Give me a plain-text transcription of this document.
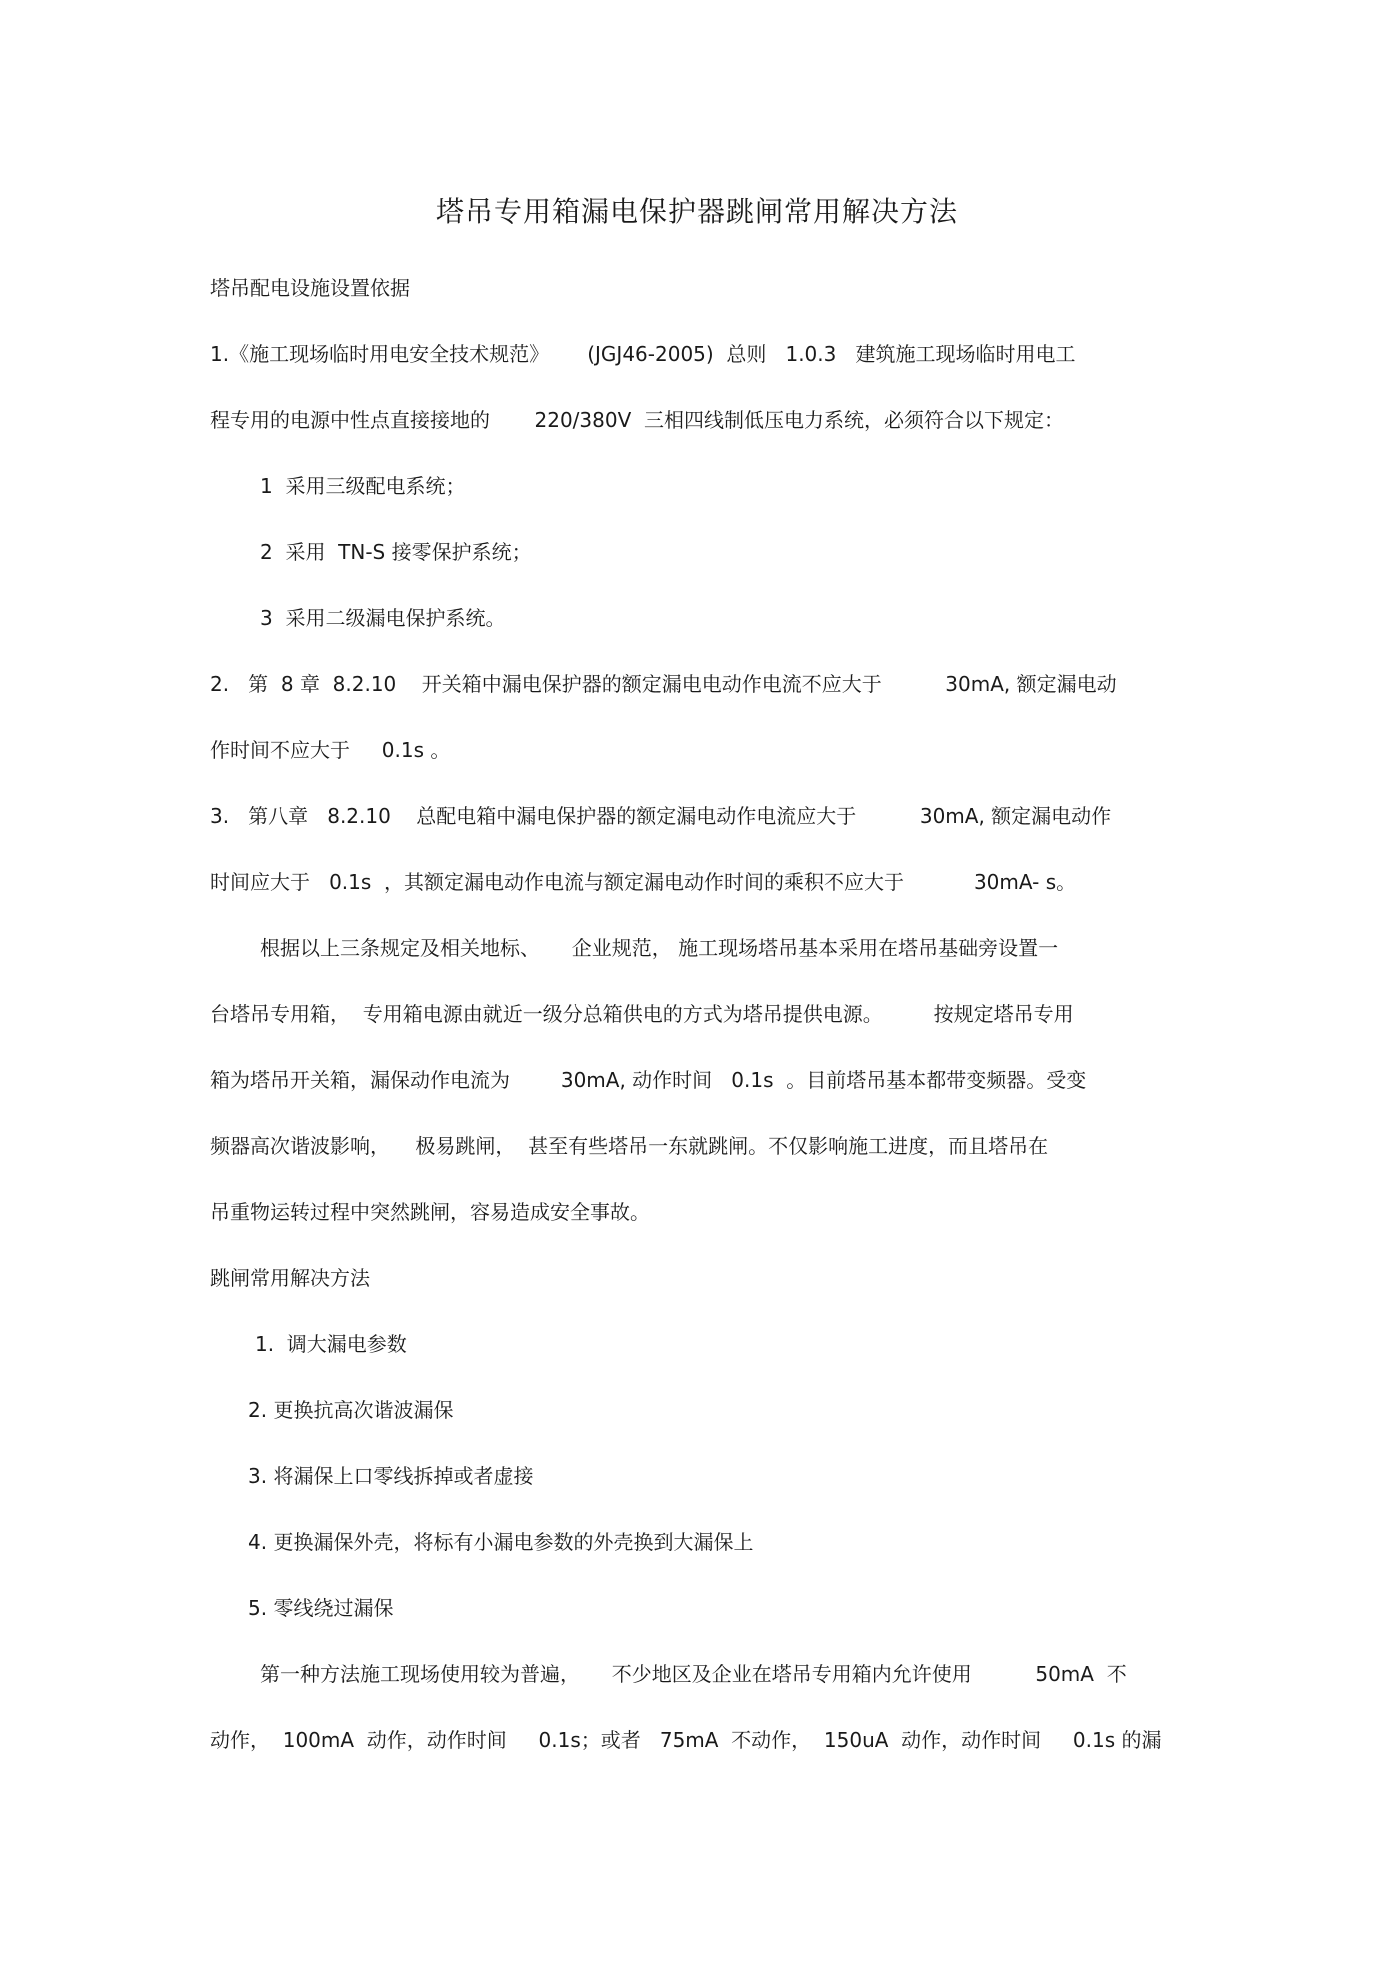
塔吊专用箱漏电保护器跳闸常用解决方法
塔吊配电设施设置依据
1.《施工现场临时用电安全技术规范》      (JGJ46-2005)  总则   1.0.3   建筑施工现场临时用电工
程专用的电源中性点直接接地的       220/380V  三相四线制低压电力系统，必须符合以下规定：
1  采用三级配电系统；
2  采用  TN-S 接零保护系统；
3  采用二级漏电保护系统。
2.   第  8 章  8.2.10    开关箱中漏电保护器的额定漏电电动作电流不应大于          30mA, 额定漏电动
作时间不应大于     0.1s 。
3.   第八章   8.2.10    总配电箱中漏电保护器的额定漏电动作电流应大于          30mA, 额定漏电动作
时间应大于   0.1s  ，其额定漏电动作电流与额定漏电动作时间的乘积不应大于           30mA- s。
根据以上三条规定及相关地标、     企业规范， 施工现场塔吊基本采用在塔吊基础旁设置一
台塔吊专用箱，  专用箱电源由就近一级分总箱供电的方式为塔吊提供电源。        按规定塔吊专用
箱为塔吊开关箱，漏保动作电流为        30mA, 动作时间   0.1s  。目前塔吊基本都带变频器。受变
频器高次谐波影响，    极易跳闸，  甚至有些塔吊一东就跳闸。不仅影响施工进度，而且塔吊在
吊重物运转过程中突然跳闸，容易造成安全事故。
跳闸常用解决方法
1.  调大漏电参数
2. 更换抗高次谐波漏保
3. 将漏保上口零线拆掉或者虚接
4. 更换漏保外壳，将标有小漏电参数的外壳换到大漏保上
5. 零线绕过漏保
第一种方法施工现场使用较为普遍，     不少地区及企业在塔吊专用箱内允许使用          50mA  不
动作，  100mA  动作，动作时间     0.1s；或者   75mA  不动作，  150uA  动作，动作时间     0.1s 的漏
